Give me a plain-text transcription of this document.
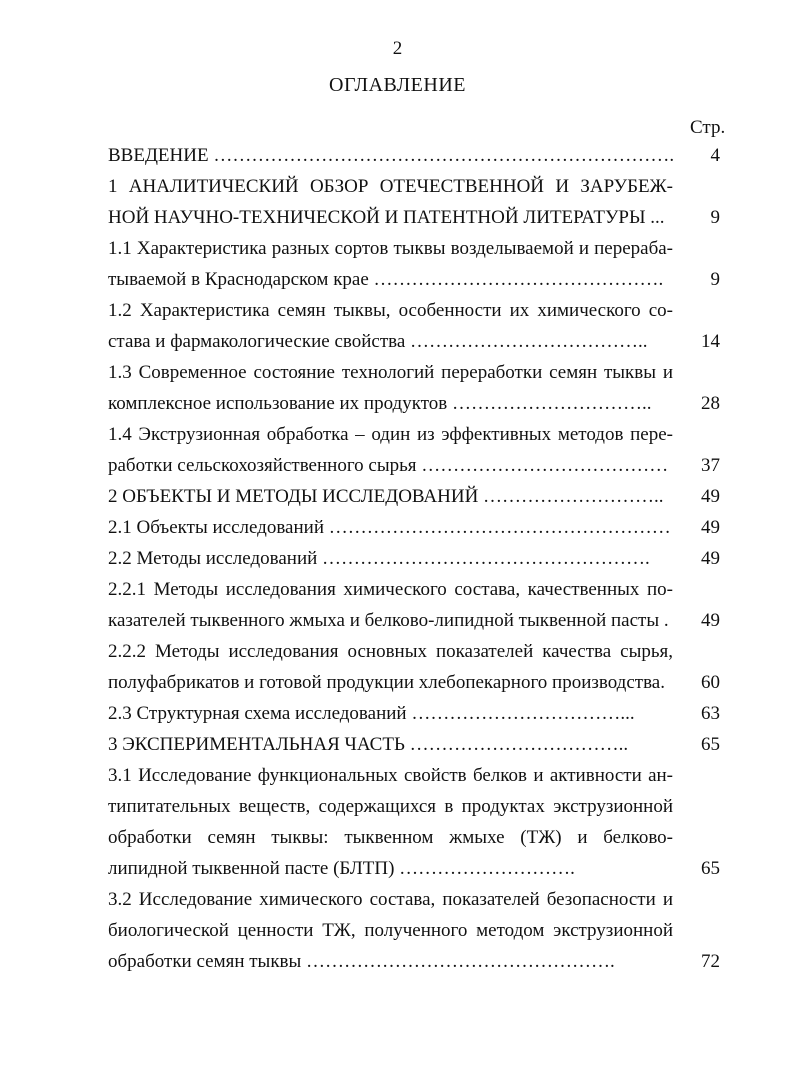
2
ОГЛАВЛЕНИЕ
Стр.
ВВЕДЕНИЕ ………………………………………………………………. 4
1 АНАЛИТИЧЕСКИЙ ОБЗОР ОТЕЧЕСТВЕННОЙ И ЗАРУБЕЖ-
НОЙ НАУЧНО-ТЕХНИЧЕСКОЙ И ПАТЕНТНОЙ ЛИТЕРАТУРЫ ...	9
1.1 Характеристика разных сортов тыквы возделываемой и перераба-
тываемой в Краснодарском крае ……………………………………….	9
1.2 Характеристика семян тыквы, особенности их химического со-
става и фармакологические свойства ………………………………..	14
1.3 Современное состояние технологий переработки семян тыквы и
комплексное использование их продуктов …………………………..	28
1.4 Экструзионная обработка – один из эффективных методов пере-
работки сельскохозяйственного сырья ………………………………… 37
2 ОБЪЕКТЫ И МЕТОДЫ ИССЛЕДОВАНИЙ ………………………..	49
2.1 Объекты исследований ……………………………………………… 49
2.2 Методы исследований …………………………………………….	49
2.2.1 Методы исследования химического состава, качественных по-
казателей тыквенного жмыха и белково-липидной тыквенной пасты . 49
2.2.2 Методы исследования основных показателей качества сырья,
полуфабрикатов и готовой продукции хлебопекарного производства.	60
2.3 Структурная схема исследований ……………………………...	63
3 ЭКСПЕРИМЕНТАЛЬНАЯ ЧАСТЬ ……………………………..	65
3.1 Исследование функциональных свойств белков и активности ан-
типитательных веществ, содержащихся в продуктах экструзионной
обработки семян тыквы: тыквенном жмыхе (ТЖ) и белково-
липидной тыквенной пасте (БЛТП) ……………………….	65
3.2 Исследование химического состава, показателей безопасности и
биологической ценности ТЖ, полученного методом экструзионной
обработки семян тыквы ………………………………………….	72
